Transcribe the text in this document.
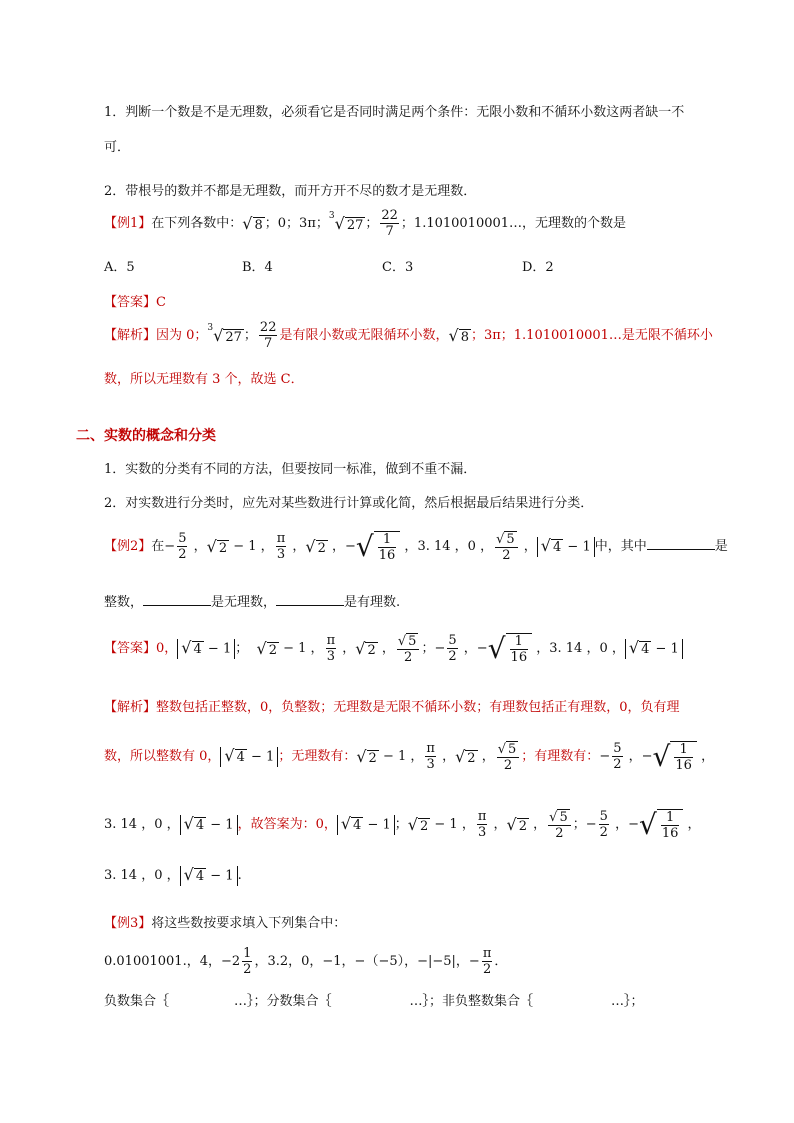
1．判断一个数是不是无理数，必须看它是否同时满足两个条件：无限小数和不循环小数这两者缺一不
可．
2．带根号的数并不都是无理数，而开方开不尽的数才是无理数．
【例1】在下列各数中：√ 8 ；0；3π；$^3$√ 27 ； $\frac{22}{7}$ ；1.1010010001…，无理数的个数是
A．5	B．4	C．3	D．2
【答案】C
【解析】因为 0；$^3$√ 27 ； $\frac{22}{7}$ 是有限小数或无限循环小数，√ 8 ；3π；1.1010010001…是无限不循环小
数，所以无理数有 3 个，故选 C．
二、实数的概念和分类
1．实数的分类有不同的方法，但要按同一标准，做到不重不漏．
2．对实数进行分类时，应先对某些数进行计算或化简，然后根据最后结果进行分类．
【例2】在− $\frac{5}{2}$ ，√ 2 − 1 ， $\frac{\pi}{3}$ ，√ 2 ，−√ $\frac{1}{16}$ ，3. 14 ，0 ， $\frac{√ 5}{2}$ ， √ 4 − 1 中，其中	是
整数，	是无理数，	是有理数.
【答案】0， √ 4 − 1 ； √ 2 − 1 ， $\frac{\pi}{3}$ ，√ 2 ， $\frac{√ 5}{2}$ ；− $\frac{5}{2}$ ，−√ $\frac{1}{16}$ ，3. 14 ，0 ， √ 4 − 1
【解析】整数包括正整数，0，负整数；无理数是无限不循环小数；有理数包括正有理数，0，负有理
数，所以整数有 0， √ 4 − 1 ；无理数有：√ 2 − 1 ， $\frac{\pi}{3}$ ，√ 2 ， $\frac{√ 5}{2}$ ；有理数有：− $\frac{5}{2}$ ，−√ $\frac{1}{16}$ ，
3. 14 ，0 ， √ 4 − 1 ，故答案为：0， √ 4 − 1 ；√ 2 − 1 ， $\frac{\pi}{3}$ ，√ 2 ， $\frac{√ 5}{2}$ ；− $\frac{5}{2}$ ，−√ $\frac{1}{16}$ ，
3. 14 ，0 ， √ 4 − 1 .
【例3】将这些数按要求填入下列集合中：
0.01001001.，4，$-2 \frac{1}{2}$ ，3.2，0，−1，−（−5），−|−5|，− $\frac{\pi}{2}$ ．
负数集合｛　　　　　…｝；分数集合｛　　　　　　…｝；非负整数集合｛　　　　　　…｝；
